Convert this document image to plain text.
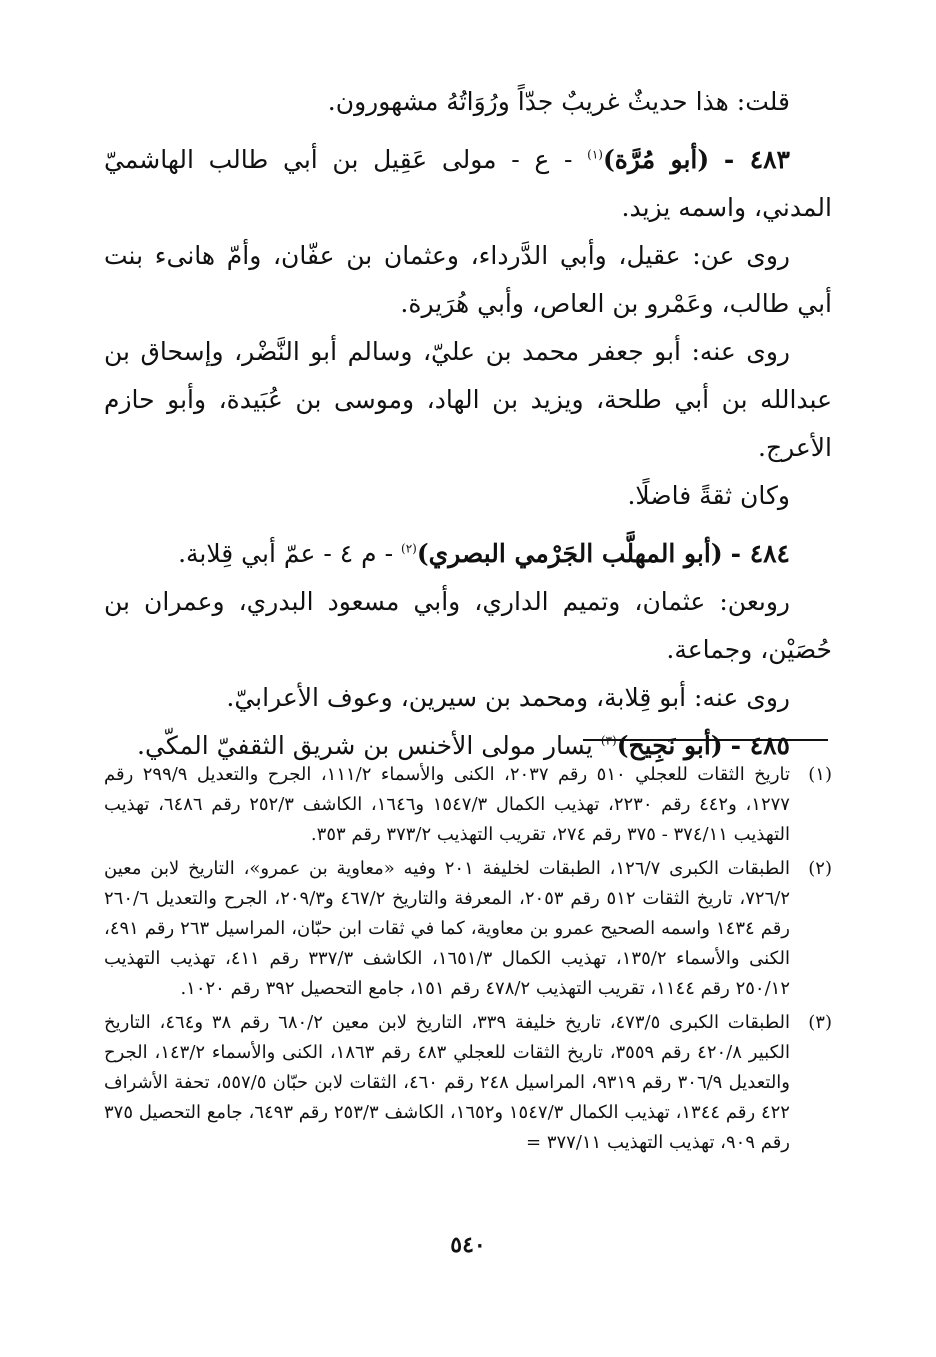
قلت: هذا حديثٌ غريبٌ جدّاً ورُوَاتُهُ مشهورون.

٤٨٣ - (أبو مُرَّة)$^{(١)}$ - ع - مولى عَقِيل بن أبي طالب الهاشميّ المدني، واسمه يزيد.

روى عن: عقيل، وأبي الدَّرداء، وعثمان بن عفّان، وأمّ هانىء بنت أبي طالب، وعَمْرو بن العاص، وأبي هُرَيرة.

روى عنه: أبو جعفر محمد بن عليّ، وسالم أبو النَّضْر، وإسحاق بن عبدالله بن أبي طلحة، ويزيد بن الهاد، وموسى بن عُبَيدة، وأبو حازم الأعرج.

وكان ثقةً فاضلًا.

٤٨٤ - (أبو المهلَّب الجَرْمي البصري)$^{(٢)}$ - م ٤ - عمّ أبي قِلابة.

روىعن: عثمان، وتميم الداري، وأبي مسعود البدري، وعمران بن حُصَيْن، وجماعة.

روى عنه: أبو قِلابة، ومحمد بن سيرين، وعوف الأعرابيّ.

٤٨٥ - (أبو نَجِيح)$^{(٣)}$ يسار مولى الأخنس بن شريق الثقفيّ المكّي.

(١)
تاريخ الثقات للعجلي ٥١٠ رقم ٢٠٣٧، الكنى والأسماء ١١١/٢، الجرح والتعديل ٢٩٩/٩ رقم ١٢٧٧، و٤٤٢ رقم ٢٢٣٠، تهذيب الكمال ١٥٤٧/٣ و١٦٤٦، الكاشف ٢٥٢/٣ رقم ٦٤٨٦، تهذيب التهذيب ٣٧٤/١١ - ٣٧٥ رقم ٢٧٤، تقريب التهذيب ٣٧٣/٢ رقم ٣٥٣.
(٢)
الطبقات الكبرى ١٢٦/٧، الطبقات لخليفة ٢٠١ وفيه «معاوية بن عمرو»، التاريخ لابن معين ٧٢٦/٢، تاريخ الثقات ٥١٢ رقم ٢٠٥٣، المعرفة والتاريخ ٤٦٧/٢ و٢٠٩/٣، الجرح والتعديل ٢٦٠/٦ رقم ١٤٣٤ واسمه الصحيح عمرو بن معاوية، كما في ثقات ابن حبّان، المراسيل ٢٦٣ رقم ٤٩١، الكنى والأسماء ١٣٥/٢، تهذيب الكمال ١٦٥١/٣، الكاشف ٣٣٧/٣ رقم ٤١١، تهذيب التهذيب ٢٥٠/١٢ رقم ١١٤٤، تقريب التهذيب ٤٧٨/٢ رقم ١٥١، جامع التحصيل ٣٩٢ رقم ١٠٢٠.
(٣)
الطبقات الكبرى ٤٧٣/٥، تاريخ خليفة ٣٣٩، التاريخ لابن معين ٦٨٠/٢ رقم ٣٨ و٤٦٤، التاريخ الكبير ٤٢٠/٨ رقم ٣٥٥٩، تاريخ الثقات للعجلي ٤٨٣ رقم ١٨٦٣، الكنى والأسماء ١٤٣/٢، الجرح والتعديل ٣٠٦/٩ رقم ٩٣١٩، المراسيل ٢٤٨ رقم ٤٦٠، الثقات لابن حبّان ٥٥٧/٥، تحفة الأشراف ٤٢٢ رقم ١٣٤٤، تهذيب الكمال ١٥٤٧/٣ و١٦٥٢، الكاشف ٢٥٣/٣ رقم ٦٤٩٣، جامع التحصيل ٣٧٥ رقم ٩٠٩، تهذيب التهذيب ٣٧٧/١١ =
٥٤٠
